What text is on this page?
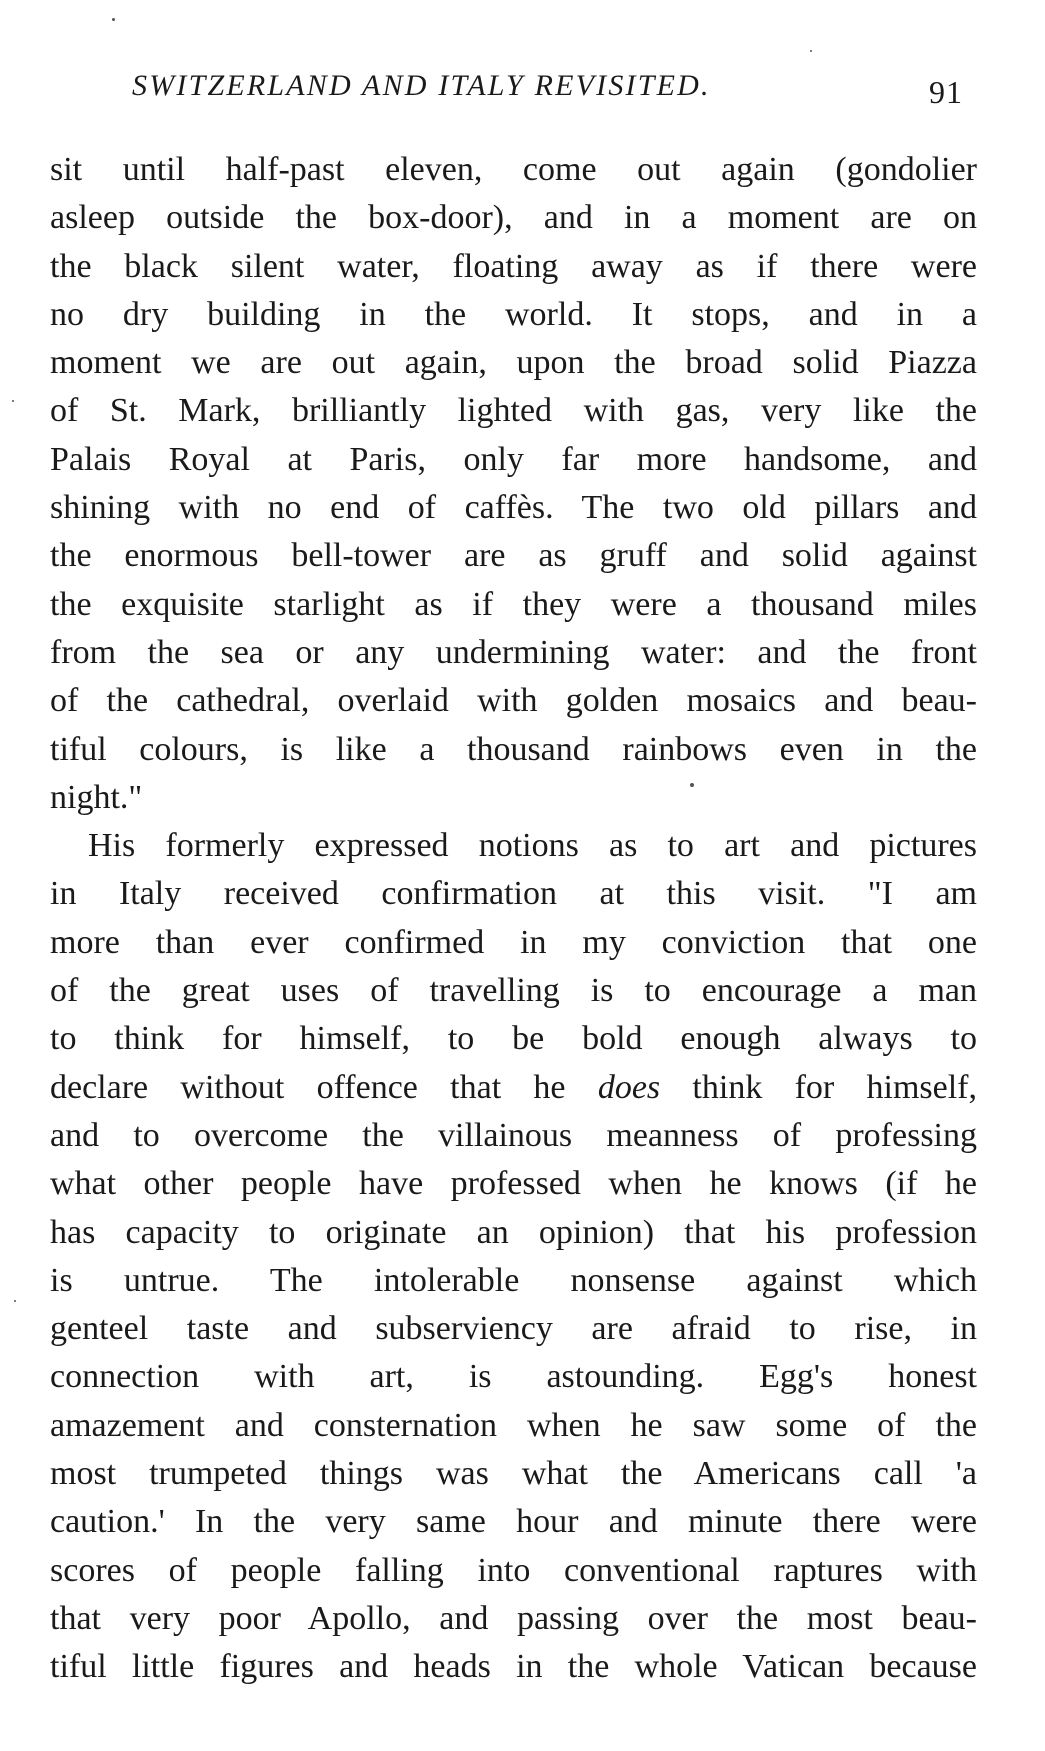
SWITZERLAND AND ITALY REVISITED.	91
sit until half-past eleven, come out again (gondolier
asleep outside the box-door), and in a moment are on
the black silent water, floating away as if there were
no dry building in the world. It stops, and in a
moment we are out again, upon the broad solid Piazza
of St. Mark, brilliantly lighted with gas, very like the
Palais Royal at Paris, only far more handsome, and
shining with no end of caffès. The two old pillars and
the enormous bell-tower are as gruff and solid against
the exquisite starlight as if they were a thousand miles
from the sea or any undermining water: and the front
of the cathedral, overlaid with golden mosaics and beau-
tiful colours, is like a thousand rainbows even in the
night."
His formerly expressed notions as to art and pictures
in Italy received confirmation at this visit. "I am
more than ever confirmed in my conviction that one
of the great uses of travelling is to encourage a man
to think for himself, to be bold enough always to
declare without offence that he does think for himself,
and to overcome the villainous meanness of professing
what other people have professed when he knows (if he
has capacity to originate an opinion) that his profession
is untrue. The intolerable nonsense against which
genteel taste and subserviency are afraid to rise, in
connection with art, is astounding. Egg's honest
amazement and consternation when he saw some of the
most trumpeted things was what the Americans call 'a
caution.' In the very same hour and minute there were
scores of people falling into conventional raptures with
that very poor Apollo, and passing over the most beau-
tiful little figures and heads in the whole Vatican because
